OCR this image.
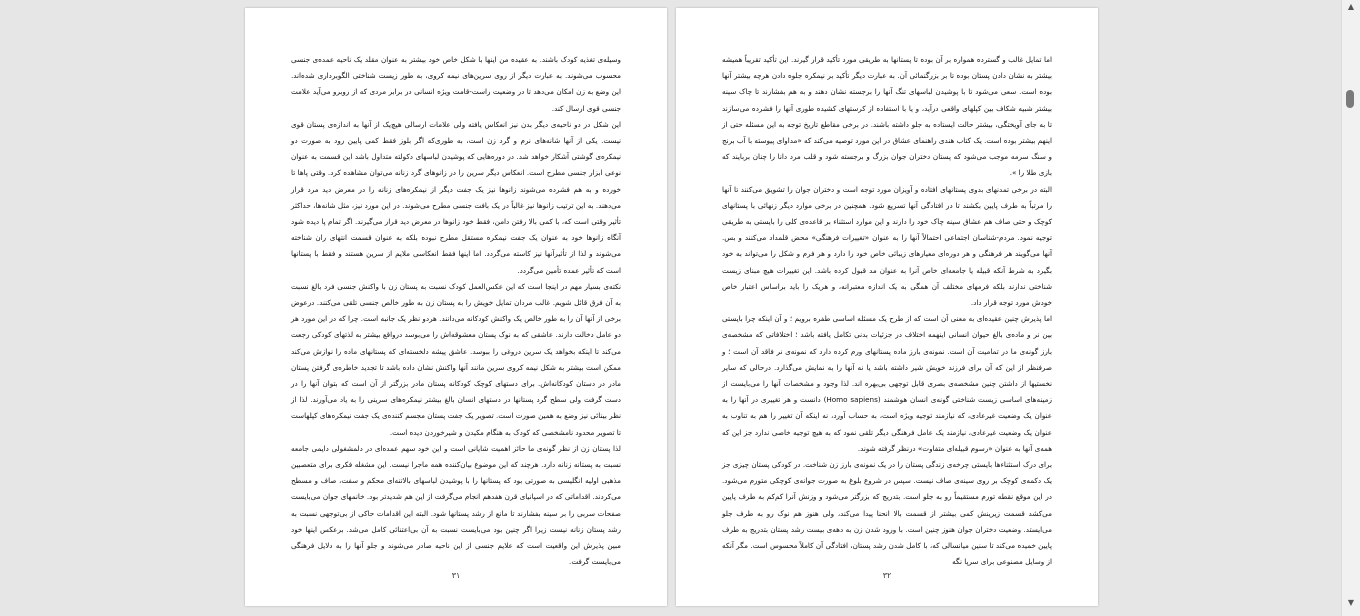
وسیله‌ی تغذیه کودک باشند. به عقیده من اینها با شکل خاص خود بیشتر به عنوان مقلد یک ناحیه عمده‌ی جنسی محسوب می‌شوند. به عبارت دیگر از روی سرین‌های نیمه کروی، به طور زیست شناختی الگوبرداری شده‌اند. این وضع به زن امکان می‌دهد تا در وضعیت راست-قامت ویژه انسانی در برابر مردی که از روبرو می‌آید علامت جنسی قوی ارسال کند.

این شکل در دو ناحیه‌ی دیگر بدن نیز انعکاس یافته ولی علامات ارسالی هیچ‌یک از آنها به اندازه‌ی پستان قوی نیست. یکی از آنها شانه‌های نرم و گرد زن است، به طوری‌که اگر بلوز فقط کمی پایین رود به صورت دو نیمکره‌ی گوشتی آشکار خواهد شد. در دوره‌هایی که پوشیدن لباسهای دکولته متداول باشد این قسمت به عنوان نوعی ابزار جنسی مطرح است. انعکاس دیگر سرین را در زانوهای گرد زنانه می‌توان مشاهده کرد. وقتی پاها تا خورده و به هم فشرده می‌شوند زانوها نیز یک جفت دیگر از نیمکره‌های زنانه را در معرض دید مرد قرار می‌دهند. به این ترتیب زانوها نیز غالباً در یک بافت جنسی مطرح می‌شوند. در این مورد نیز، مثل شانه‌ها، حداکثر تأثیر وقتی است که، با کمی بالا رفتن دامن، فقط خود زانوها در معرض دید قرار می‌گیرند. اگر تمام پا دیده شود آنگاه زانوها خود به عنوان یک جفت نیمکره مستقل مطرح نبوده بلکه به عنوان قسمت انتهای ران شناخته می‌شوند و لذا از تأثیرآنها نیز کاسته می‌گردد. اما اینها فقط انعکاسی ملایم از سرین هستند و فقط با پستانها است که تأثیر عمده تأمین می‌گردد.

نکته‌ی بسیار مهم در اینجا است که این عکس‌العمل کودک نسبت به پستان زن با واکنش جنسی فرد بالغ نسبت به آن فرق قائل شویم. غالب مردان تمایل خویش را به پستان زن به طور خالص جنسی تلقی می‌کنند. درعوض برخی از آنها آن را به طور خالص یک واکنش کودکانه می‌دانند. هردو نظر یک جانبه است. چرا که در این مورد هر دو عامل دخالت دارند. عاشقی که به نوک پستان معشوقه‌اش را می‌بوسد درواقع بیشتر به لذتهای کودکی رجعت می‌کند تا اینکه بخواهد یک سرین دروغی را ببوسد. عاشق پیشه دلخسته‌ای که پستانهای ماده را نوازش می‌کند ممکن است بیشتر به شکل نیمه کروی سرین مانند آنها واکنش نشان داده باشد تا تجدید خاطره‌ی گرفتن پستان مادر در دستان کودکانه‌اش. برای دستهای کوچک کودکانه پستان مادر بزرگتر از آن است که بتوان آنها را در دست گرفت ولی سطح گرد پستانها در دستهای انسان بالغ بیشتر نیمکره‌های سرینی را به یاد می‌آورند. لذا از نظر بینائی نیز وضع به همین صورت است. تصویر یک جفت پستان مجسم کننده‌ی یک جفت نیمکره‌های کپلهاست تا تصویر محدود نامشخصی که کودک به هنگام مکیدن و شیرخوردن دیده است.

لذا پستان زن از نظر گونه‌ی ما حائز اهمیت شایانی است و این خود سهم عمده‌ای در دلمشغولی دایمی جامعه نسبت به پستانه زنانه دارد. هرچند که این موضوع بیان‌کننده همه ماجرا نیست. این مشغله فکری برای متعصبین مذهبی اولیه انگلیسی به صورتی بود که پستانها را با پوشیدن لباسهای بالاتنه‌ای محکم و سفت، صاف و مسطح می‌کردند. اقداماتی که در اسپانیای قرن هفدهم انجام می‌گرفت از این هم شدیدتر بود. خانمهای جوان می‌بایست صفحات سربی را بر سینه بفشارند تا مانع از رشد پستانها شود. البته این اقدامات حاکی از بی‌توجهی نسبت به رشد پستان زنانه نیست زیرا اگر چنین بود می‌بایست نسبت به آن بی‌اعتنائی کامل می‌شد. برعکس اینها خود مبین پذیرش این واقعیت است که علایم جنسی از این ناحیه صادر می‌شوند و جلو آنها را به دلایل فرهنگی می‌بایست گرفت.

۳۱

اما تمایل غالب و گسترده همواره بر آن بوده تا پستانها به طریقی مورد تأکید قرار گیرند. این تأکید تقریباً همیشه بیشتر به نشان دادن پستان بوده تا بر بزرگنمائی آن. به عبارت دیگر تأکید بر نیمکره جلوه دادن هرچه بیشتر آنها بوده است. سعی می‌شود تا با پوشیدن لباسهای تنگ آنها را برجسته نشان دهند و به هم بفشارند تا چاک سینه بیشتر شبیه شکاف بین کپلهای واقعی درآید، و یا با استفاده از کرستهای کشیده طوری آنها را فشرده می‌سازند تا به جای آویختگی، بیشتر حالت ایستاده به جلو داشته باشند. در برخی مقاطع تاریخ توجه به این مسئله حتی از اینهم بیشتر بوده است. یک کتاب هندی راهنمای عشاق در این مورد توصیه می‌کند که «مداوای پیوسته با آب برنج و سنگ سرمه موجب می‌شود که پستان دختران جوان بزرگ و برجسته شود و قلب مرد دانا را چنان بربایند که بازی طلا را ».

البته در برخی تمدنهای بدوی پستانهای افتاده و آویزان مورد توجه است و دختران جوان را تشویق می‌کنند تا آنها را مرتباً به طرف پایین بکشند تا در افتادگی آنها تسریع شود. همچنین در برخی موارد دیگر زنهائی با پستانهای کوچک و حتی صاف هم عشاق سینه چاک خود را دارند و این موارد استثناء بر قاعده‌ی کلی را بایستی به طریقی توجیه نمود. مردم-شناسان اجتماعی احتمالاً آنها را به عنوان «تغییرات فرهنگی» محض قلمداد می‌کنند و بس. آنها می‌گویند هر فرهنگی و هر دوره‌ای معیارهای زیبائی خاص خود را دارد و هر فرم و شکل را می‌تواند به خود بگیرد به شرط آنکه قبیله یا جامعه‌ای خاص آنرا به عنوان مد قبول کرده باشد. این تغییرات هیچ مبنای زیست شناختی ندارند بلکه فرمهای مختلف آن همگی به یک اندازه معتبرانه، و هریک را باید براساس اعتبار خاص خودش مورد توجه قرار داد.

اما پذیرش چنین عقیده‌ای به معنی آن است که از طرح یک مسئله اساسی طفره برویم ؛ و آن اینکه چرا بایستی بین نر و ماده‌ی بالغ حیوان انسانی اینهمه اختلاف در جزئیات بدنی تکامل یافته باشد ؛ اختلافاتی که مشخصه‌ی بارز گونه‌ی ما در تمامیت آن است. نمونه‌ی بارز ماده پستانهای ورم کرده دارد که نمونه‌ی نر فاقد آن است ؛ و صرفنظر از این که آن برای فرزند خویش شیر داشته باشد یا نه آنها را به نمایش می‌گذارد. درحالی که سایر نخستیها از داشتن چنین مشخصه‌ی بصری قابل توجهی بی‌بهره اند. لذا وجود و مشخصات آنها را می‌بایست از زمینه‌های اساسی زیست شناختی گونه‌ی انسان هوشمند (Homo sapiens) دانست و هر تغییری در آنها را به عنوان یک وضعیت غیرعادی، که نیازمند توجیه ویژه است، به حساب آورد، نه اینکه آن تغییر را هم به تناوب به عنوان یک وضعیت غیرعادی، نیازمند یک عامل فرهنگی دیگر تلقی نمود که به هیچ توجیه خاصی ندارد جز این که همه‌ی آنها به عنوان «رسوم قبیله‌ای متفاوت» درنظر گرفته شوند.

برای درک استثناءها بایستی چرخه‌ی زندگی پستان را در یک نمونه‌ی بارز زن شناخت. در کودکی پستان چیزی جز یک دکمه‌ی کوچک بر روی سینه‌ی صاف نیست. سپس در شروع بلوغ به صورت جوانه‌ی کوچکی متورم می‌شود. در این موقع نقطه تورم مستقیماً رو به جلو است. بتدریج که بزرگتر می‌شود و وزنش آنرا کم‌کم به طرف پایین می‌کشد قسمت زیرینش کمی بیشتر از قسمت بالا انحنا پیدا می‌کند، ولی هنوز هم نوک رو به طرف جلو می‌ایستد. وضعیت دختران جوان هنوز چنین است. با ورود شدن زن به دهه‌ی بیست رشد پستان بتدریج به طرف پایین خمیده می‌کند تا سنین میانسالی که، با کامل شدن رشد پستان، افتادگی آن کاملاً محسوس است. مگر آنکه از وسایل مصنوعی برای سرپا نگه

۳۲
▲
▼
